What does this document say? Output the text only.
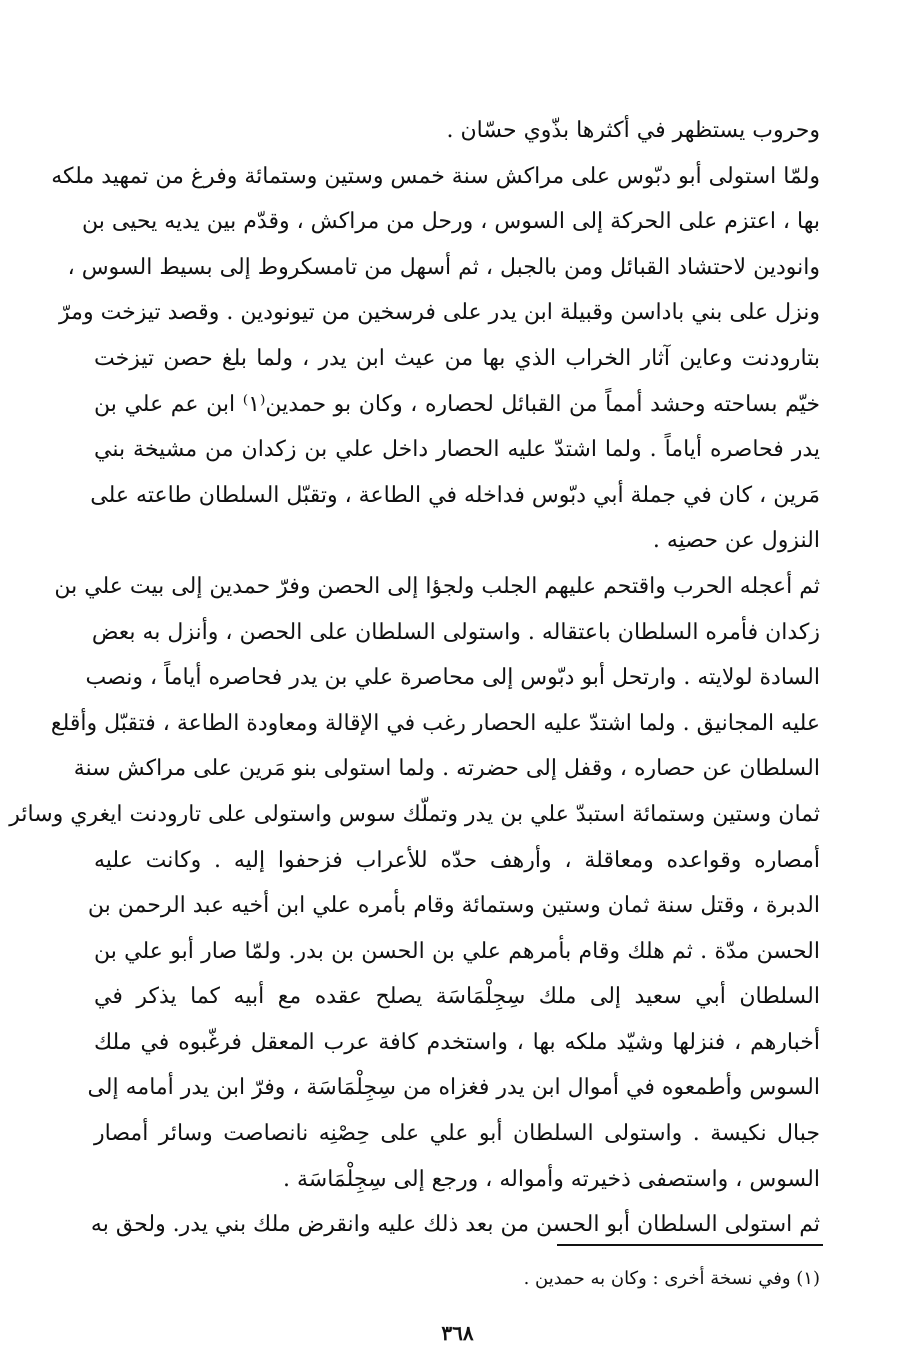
وحروب يستظهر في أكثرها بذّوي حسّان .
ولمّا استولى أبو دبّوس على مراكش سنة خمس وستين وستمائة وفرغ من تمهيد ملكه
بها ، اعتزم على الحركة إلى السوس ، ورحل من مراكش ، وقدّم بين يديه يحيى بن
وانودين لاحتشاد القبائل ومن بالجبل ، ثم أسهل من تامسكروط إلى بسيط السوس ،
ونزل على بني باداسن وقبيلة ابن يدر على فرسخين من تيونودين . وقصد تيزخت ومرّ
بتارودنت وعاين آثار الخراب الذي بها من عيث ابن يدر ، ولما بلغ حصن تيزخت
خيّم بساحته وحشد أمماً من القبائل لحصاره ، وكان بو حمدين⁽١⁾ ابن عم علي بن
يدر فحاصره أياماً . ولما اشتدّ عليه الحصار داخل علي بن زكدان من مشيخة بني
مَرين ، كان في جملة أبي دبّوس فداخله في الطاعة ، وتقبّل السلطان طاعته على
النزول عن حصنِه .
ثم أعجله الحرب واقتحم عليهم الجلب ولجؤا إلى الحصن وفرّ حمدين إلى بيت علي بن
زكدان فأمره السلطان باعتقاله . واستولى السلطان على الحصن ، وأنزل به بعض
السادة لولايته . وارتحل أبو دبّوس إلى محاصرة علي بن يدر فحاصره أياماً ، ونصب
عليه المجانيق . ولما اشتدّ عليه الحصار رغب في الإقالة ومعاودة الطاعة ، فتقبّل وأقلع
السلطان عن حصاره ، وقفل إلى حضرته . ولما استولى بنو مَرين على مراكش سنة
ثمان وستين وستمائة استبدّ علي بن يدر وتملّك سوس واستولى على تارودنت ايغري وسائر
أمصاره وقواعده ومعاقلة ، وأرهف حدّه للأعراب فزحفوا إليه . وكانت عليه
الدبرة ، وقتل سنة ثمان وستين وستمائة وقام بأمره علي ابن أخيه عبد الرحمن بن
الحسن مدّة . ثم هلك وقام بأمرهم علي بن الحسن بن بدر. ولمّا صار أبو علي بن
السلطان أبي سعيد إلى ملك سِجِلْمَاسَة يصلح عقده مع أبيه كما يذكر في
أخبارهم ، فنزلها وشيّد ملكه بها ، واستخدم كافة عرب المعقل فرغّبوه في ملك
السوس وأطمعوه في أموال ابن يدر فغزاه من سِجِلْمَاسَة ، وفرّ ابن يدر أمامه إلى
جبال نكيسة . واستولى السلطان أبو علي على حِصْنِه نانصاصت وسائر أمصار
السوس ، واستصفى ذخيرته وأمواله ، ورجع إلى سِجِلْمَاسَة .
ثم استولى السلطان أبو الحسن من بعد ذلك عليه وانقرض ملك بني يدر. ولحق به
(١) وفي نسخة أخرى : وكان به حمدين .
٣٦٨
